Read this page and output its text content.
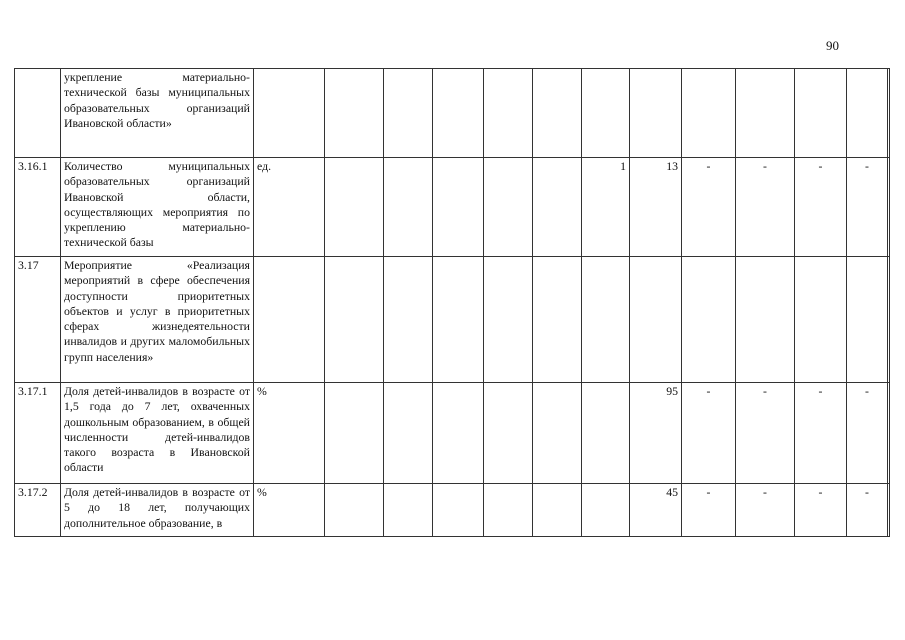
90
	укрепление материально-технической базы муниципальных образовательных организаций Ивановской области»													
3.16.1	Количество муниципальных образовательных организаций Ивановской области, осуществляющих мероприятия по укреплению материально-технической базы	ед.						1	13	-	-	-	-	
3.17	Мероприятие «Реализация мероприятий в сфере обеспечения доступности приоритетных объектов и услуг в приоритетных сферах жизнедеятельности инвалидов и других маломобильных групп населения»													
3.17.1	Доля детей-инвалидов в возрасте от 1,5 года до 7 лет, охваченных дошкольным образованием, в общей численности детей-инвалидов такого возраста в Ивановской области	%							95	-	-	-	-	
3.17.2	Доля детей-инвалидов в возрасте от 5 до 18 лет, получающих дополнительное образование, в	%							45	-	-	-	-	
